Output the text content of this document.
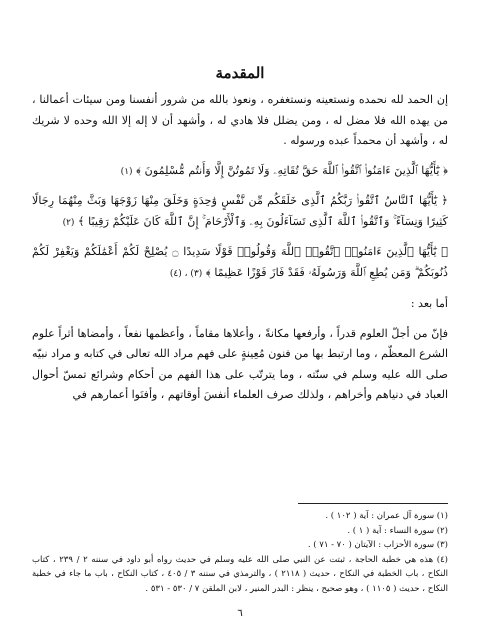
المقدمة

إن الحمد لله نحمده ونستعينه ونستغفره ، ونعوذ بالله من شرور أنفسنا ومن سيئات أعمالنا ، من يهده الله فلا مضل له ، ومن يضلل فلا هادي له ، وأشهد أن لا إله إلا الله وحده لا شريك له ، وأشهد أن محمداً عبده ورسوله .

﴿ يَٰٓأَيُّهَا ٱلَّذِينَ ءَامَنُوا۟ ٱتَّقُوا۟ ٱللَّهَ حَقَّ تُقَاتِهِۦ وَلَا تَمُوتُنَّ إِلَّا وَأَنتُم مُّسْلِمُونَ ﴾ (١)

﴿ يَٰٓأَيُّهَا ٱلنَّاسُ ٱتَّقُوا۟ رَبَّكُمُ ٱلَّذِى خَلَقَكُم مِّن نَّفْسٍ وَٰحِدَةٍ وَخَلَقَ مِنْهَا زَوْجَهَا وَبَثَّ مِنْهُمَا رِجَالًا كَثِيرًا وَنِسَآءً ۚ وَٱتَّقُوا۟ ٱللَّهَ ٱلَّذِى تَسَآءَلُونَ بِهِۦ وَٱلْأَرْحَامَ ۚ إِنَّ ٱللَّهَ كَانَ عَلَيْكُمْ رَقِيبًا ﴾ (٢)

﴿ يَٰٓأَيُّهَا ٱلَّذِينَ ءَامَنُوا۟ ٱتَّقُوا۟ ٱللَّهَ وَقُولُوا۟ قَوْلًا سَدِيدًا ۝ يُصْلِحْ لَكُمْ أَعْمَٰلَكُمْ وَيَغْفِرْ لَكُمْ ذُنُوبَكُمْ ۗ وَمَن يُطِعِ ٱللَّهَ وَرَسُولَهُۥ فَقَدْ فَازَ فَوْزًا عَظِيمًا ﴾ (٣) ، (٤)

أما بعد :

فإنّ من أجلّ العلوم قدراً ، وأرفعها مكانةً ، وأعلاها مقاماً ، وأعظمها نفعاً ، وأمضاها أثراً علوم الشرع المعظّم ، وما ارتبط بها من فنون مُعِينةٍ على فهم مراد الله تعالى في كتابه و مراد نبيّه صلى الله عليه وسلم في سنّته ، وما يترتّب على هذا الفهم من أحكام وشرائع تمسّ أحوال العباد في دنياهم وأخراهم ، ولذلك صرف العلماء أنفسَ أوقاتهم ، وأفنَوا أعمارهم في

(١) سورة آل عمران : آية ( ١٠٢ ) .
(٢) سورة النساء : آية ( ١ ) .
(٣) سورة الأحزاب : الآيتان ( ٧٠ - ٧١ ) .
(٤) هذه هي خطبة الحاجة ، ثبتت عن النبي صلى الله عليه وسلم في حديث رواه أبو داود في سننه ٢ / ٢٣٩ ، كتاب النكاح ، باب الخطبة في النكاح ، حديث ( ٢١١٨ ) ، والترمذي في سننه ٣ / ٤٠٥ ، كتاب النكاح ، باب ما جاء في خطبة النكاح ، حديث ( ١١٠٥ ) ، وهو صحيح ، ينظر : البدر المنير ، لابن الملقن ٧ / ٥٣٠ - ٥٣١ .
٦
